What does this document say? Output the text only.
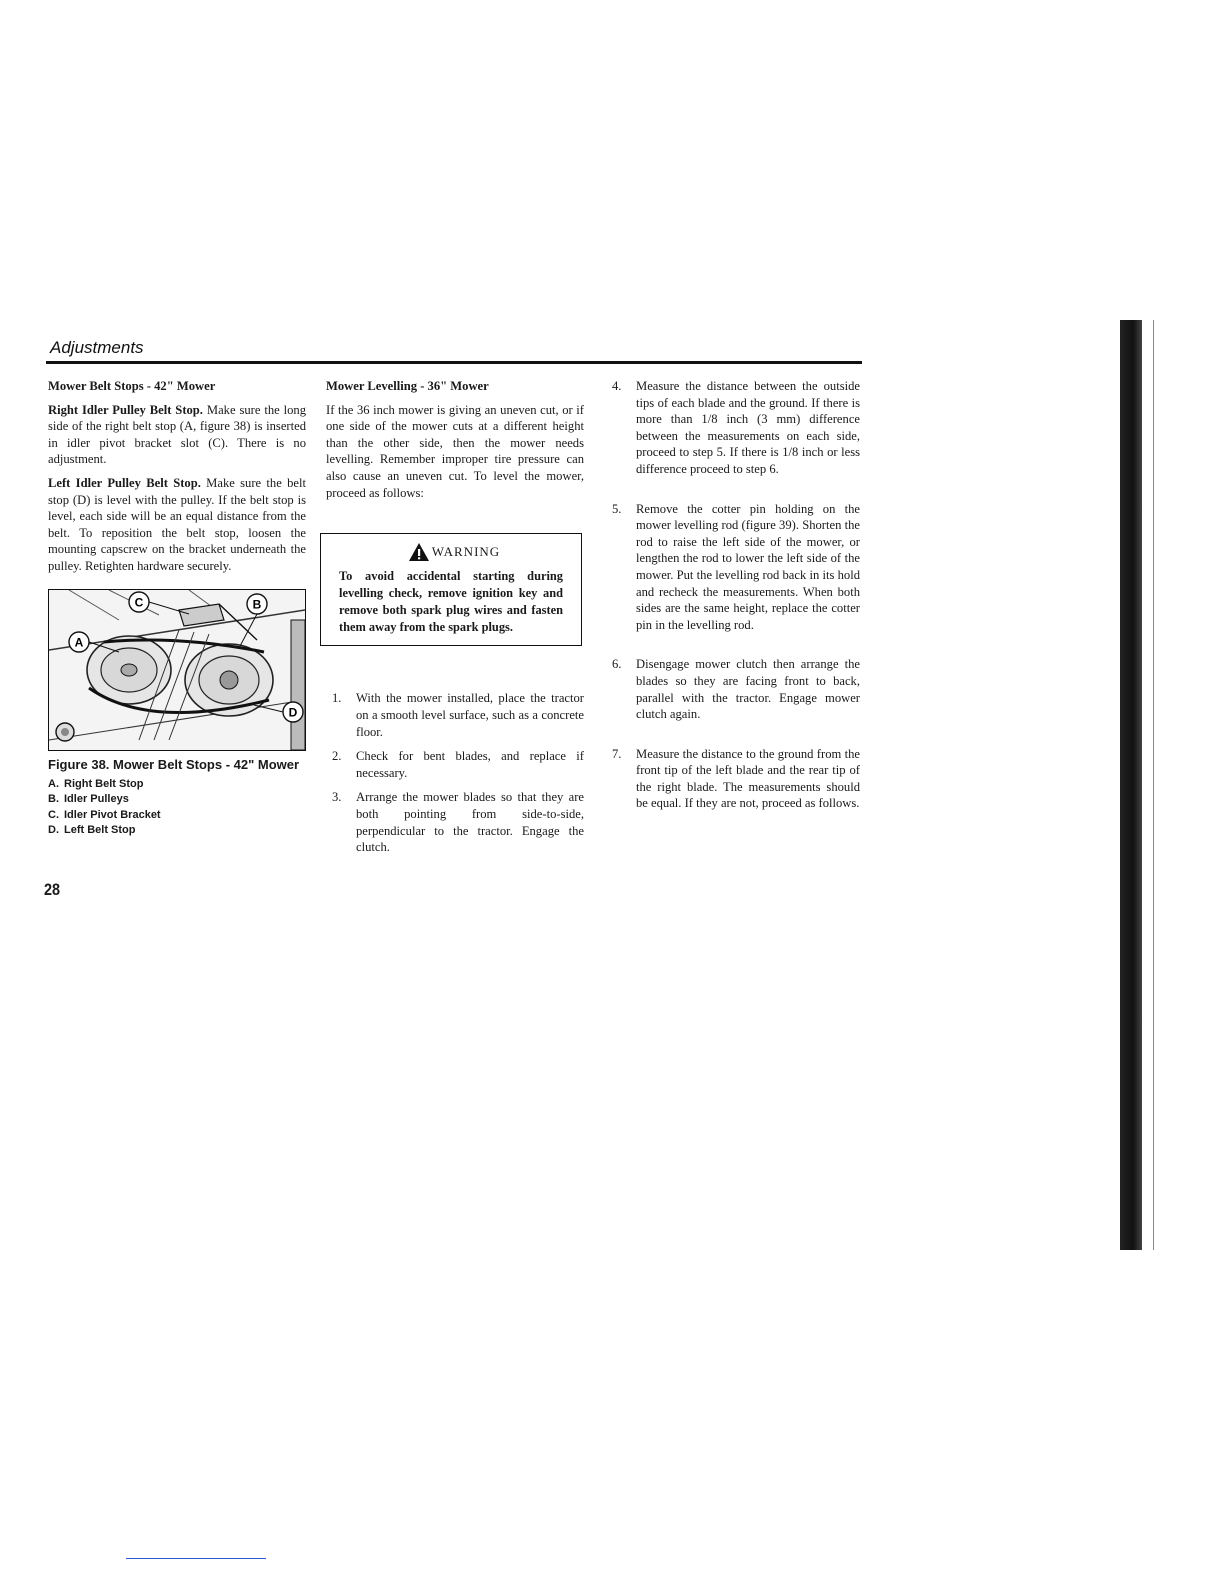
Adjustments
Mower Belt Stops - 42" Mower

Right Idler Pulley Belt Stop. Make sure the long side of the right belt stop (A, figure 38) is inserted in idler pivot bracket slot (C). There is no adjustment.

Left Idler Pulley Belt Stop. Make sure the belt stop (D) is level with the pulley. If the belt stop is level, each side will be an equal distance from the belt. To reposition the belt stop, loosen the mounting capscrew on the bracket underneath the pulley. Retighten hardware securely.

A
B
C
D
Figure 38. Mower Belt Stops - 42" Mower
A. Right Belt Stop
B. Idler Pulleys
C. Idler Pivot Bracket
D. Left Belt Stop
Mower Levelling - 36" Mower

If the 36 inch mower is giving an uneven cut, or if one side of the mower cuts at a different height than the other side, then the mower needs levelling. Remember improper tire pressure can also cause an uneven cut. To level the mower, proceed as follows:

WARNING
To avoid accidental starting during levelling check, remove ignition key and remove both spark plug wires and fasten them away from the spark plugs.
1.	With the mower installed, place the tractor on a smooth level surface, such as a concrete floor.
2.	Check for bent blades, and replace if necessary.
3.	Arrange the mower blades so that they are both pointing from side-to-side, perpendicular to the tractor. Engage the clutch.
4.	Measure the distance between the outside tips of each blade and the ground. If there is more than 1/8 inch (3 mm) difference between the measurements on each side, proceed to step 5. If there is 1/8 inch or less difference proceed to step 6.
5.	Remove the cotter pin holding on the mower levelling rod (figure 39). Shorten the rod to raise the left side of the mower, or lengthen the rod to lower the left side of the mower. Put the levelling rod back in its hold and recheck the measurements. When both sides are the same height, replace the cotter pin in the levelling rod.
6.	Disengage mower clutch then arrange the blades so they are facing front to back, parallel with the tractor. Engage mower clutch again.
7.	Measure the distance to the ground from the front tip of the left blade and the rear tip of the right blade. The measurements should be equal. If they are not, proceed as follows.
28
